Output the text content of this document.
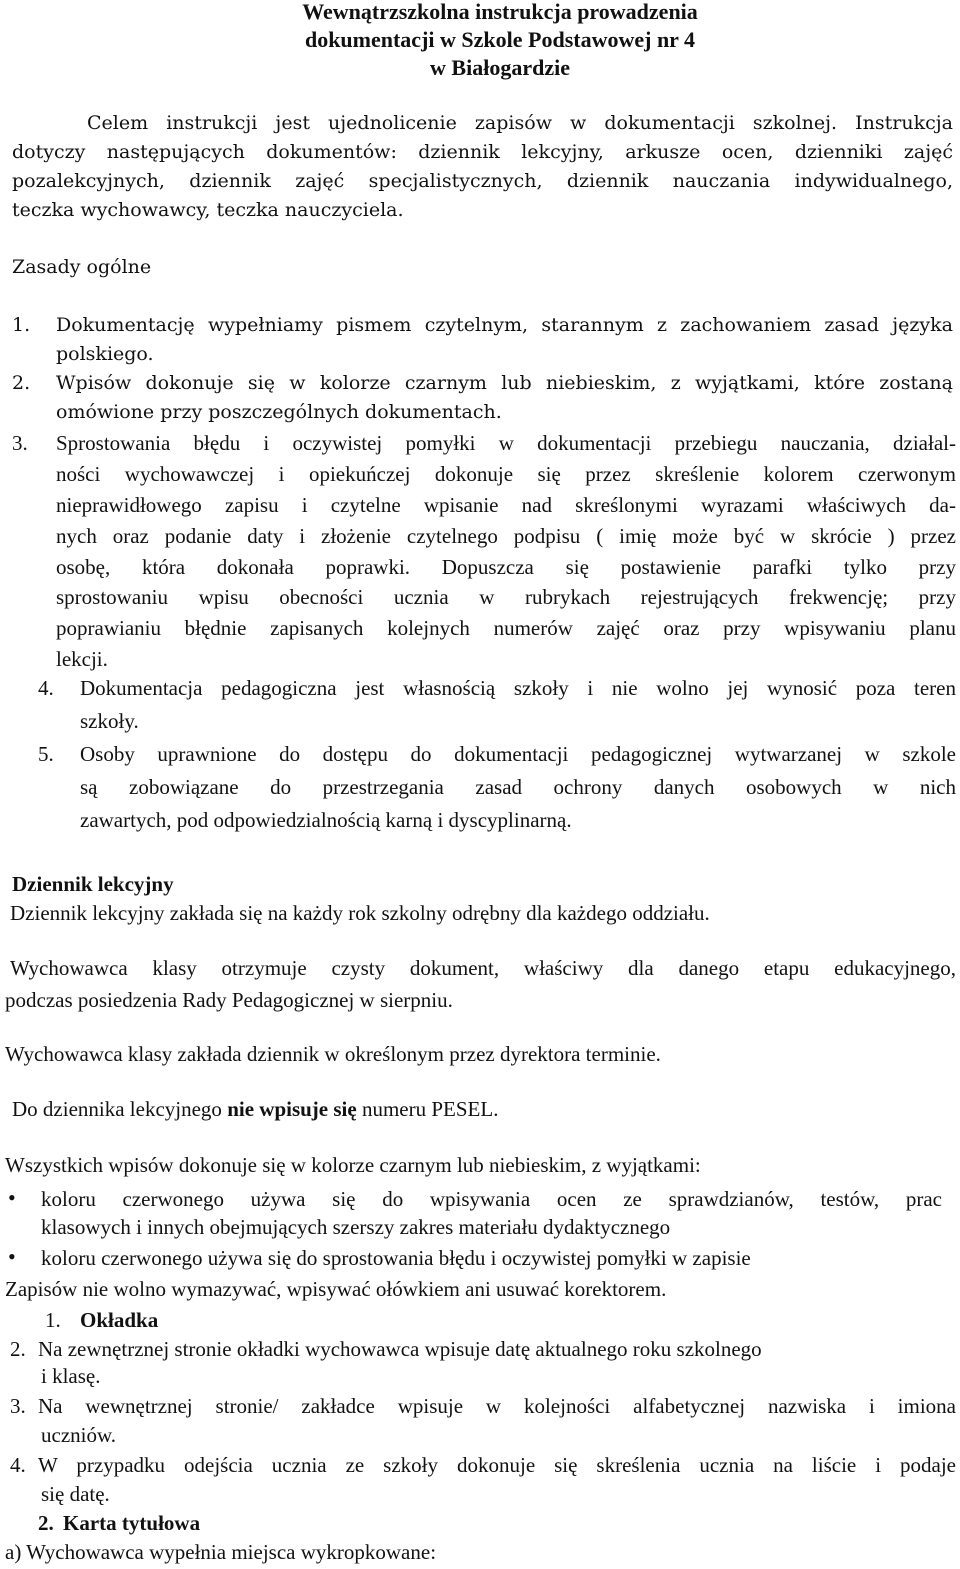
Wewnątrzszkolna instrukcja prowadzenia
dokumentacji w Szkole Podstawowej nr 4
w Białogardzie
Celem instrukcji jest ujednolicenie zapisów w dokumentacji szkolnej. Instrukcja
dotyczy następujących dokumentów: dziennik lekcyjny, arkusze ocen, dzienniki zajęć
pozalekcyjnych, dziennik zajęć specjalistycznych, dziennik nauczania indywidualnego,
teczka wychowawcy, teczka nauczyciela.
Zasady ogólne
1. Dokumentację wypełniamy pismem czytelnym, starannym z zachowaniem zasad języka
polskiego.
2. Wpisów dokonuje się w kolorze czarnym lub niebieskim, z wyjątkami, które zostaną
omówione przy poszczególnych dokumentach.
3. Sprostowania błędu i oczywistej pomyłki w dokumentacji przebiegu nauczania, działal-
ności wychowawczej i opiekuńczej dokonuje się przez skreślenie kolorem czerwonym
nieprawidłowego zapisu i czytelne wpisanie nad skreślonymi wyrazami właściwych da-
nych oraz podanie daty i złożenie czytelnego podpisu ( imię może być w skrócie ) przez
osobę, która dokonała poprawki. Dopuszcza się postawienie parafki tylko przy
sprostowaniu wpisu obecności ucznia w rubrykach rejestrujących frekwencję; przy
poprawianiu błędnie zapisanych kolejnych numerów zajęć oraz przy wpisywaniu planu
lekcji.
4. Dokumentacja pedagogiczna jest własnością szkoły i nie wolno jej wynosić poza teren
szkoły.
5. Osoby uprawnione do dostępu do dokumentacji pedagogicznej wytwarzanej w szkole
są zobowiązane do przestrzegania zasad ochrony danych osobowych w nich
zawartych, pod odpowiedzialnością karną i dyscyplinarną.
Dziennik lekcyjny
Dziennik lekcyjny zakłada się na każdy rok szkolny odrębny dla każdego oddziału.
Wychowawca klasy otrzymuje czysty dokument, właściwy dla danego etapu edukacyjnego,
podczas posiedzenia Rady Pedagogicznej w sierpniu.
Wychowawca klasy zakłada dziennik w określonym przez dyrektora terminie.
Do dziennika lekcyjnego nie wpisuje się numeru PESEL.
Wszystkich wpisów dokonuje się w kolorze czarnym lub niebieskim, z wyjątkami:
• koloru czerwonego używa się do wpisywania ocen ze sprawdzianów, testów, prac
klasowych i innych obejmujących szerszy zakres materiału dydaktycznego
• koloru czerwonego używa się do sprostowania błędu i oczywistej pomyłki w zapisie
Zapisów nie wolno wymazywać, wpisywać ołówkiem ani usuwać korektorem.
1. Okładka
2. Na zewnętrznej stronie okładki wychowawca wpisuje datę aktualnego roku szkolnego
i klasę.
3. Na wewnętrznej stronie/ zakładce wpisuje w kolejności alfabetycznej nazwiska i imiona
uczniów.
4. W przypadku odejścia ucznia ze szkoły dokonuje się skreślenia ucznia na liście i podaje
się datę.
2. Karta tytułowa
a) Wychowawca wypełnia miejsca wykropkowane:
